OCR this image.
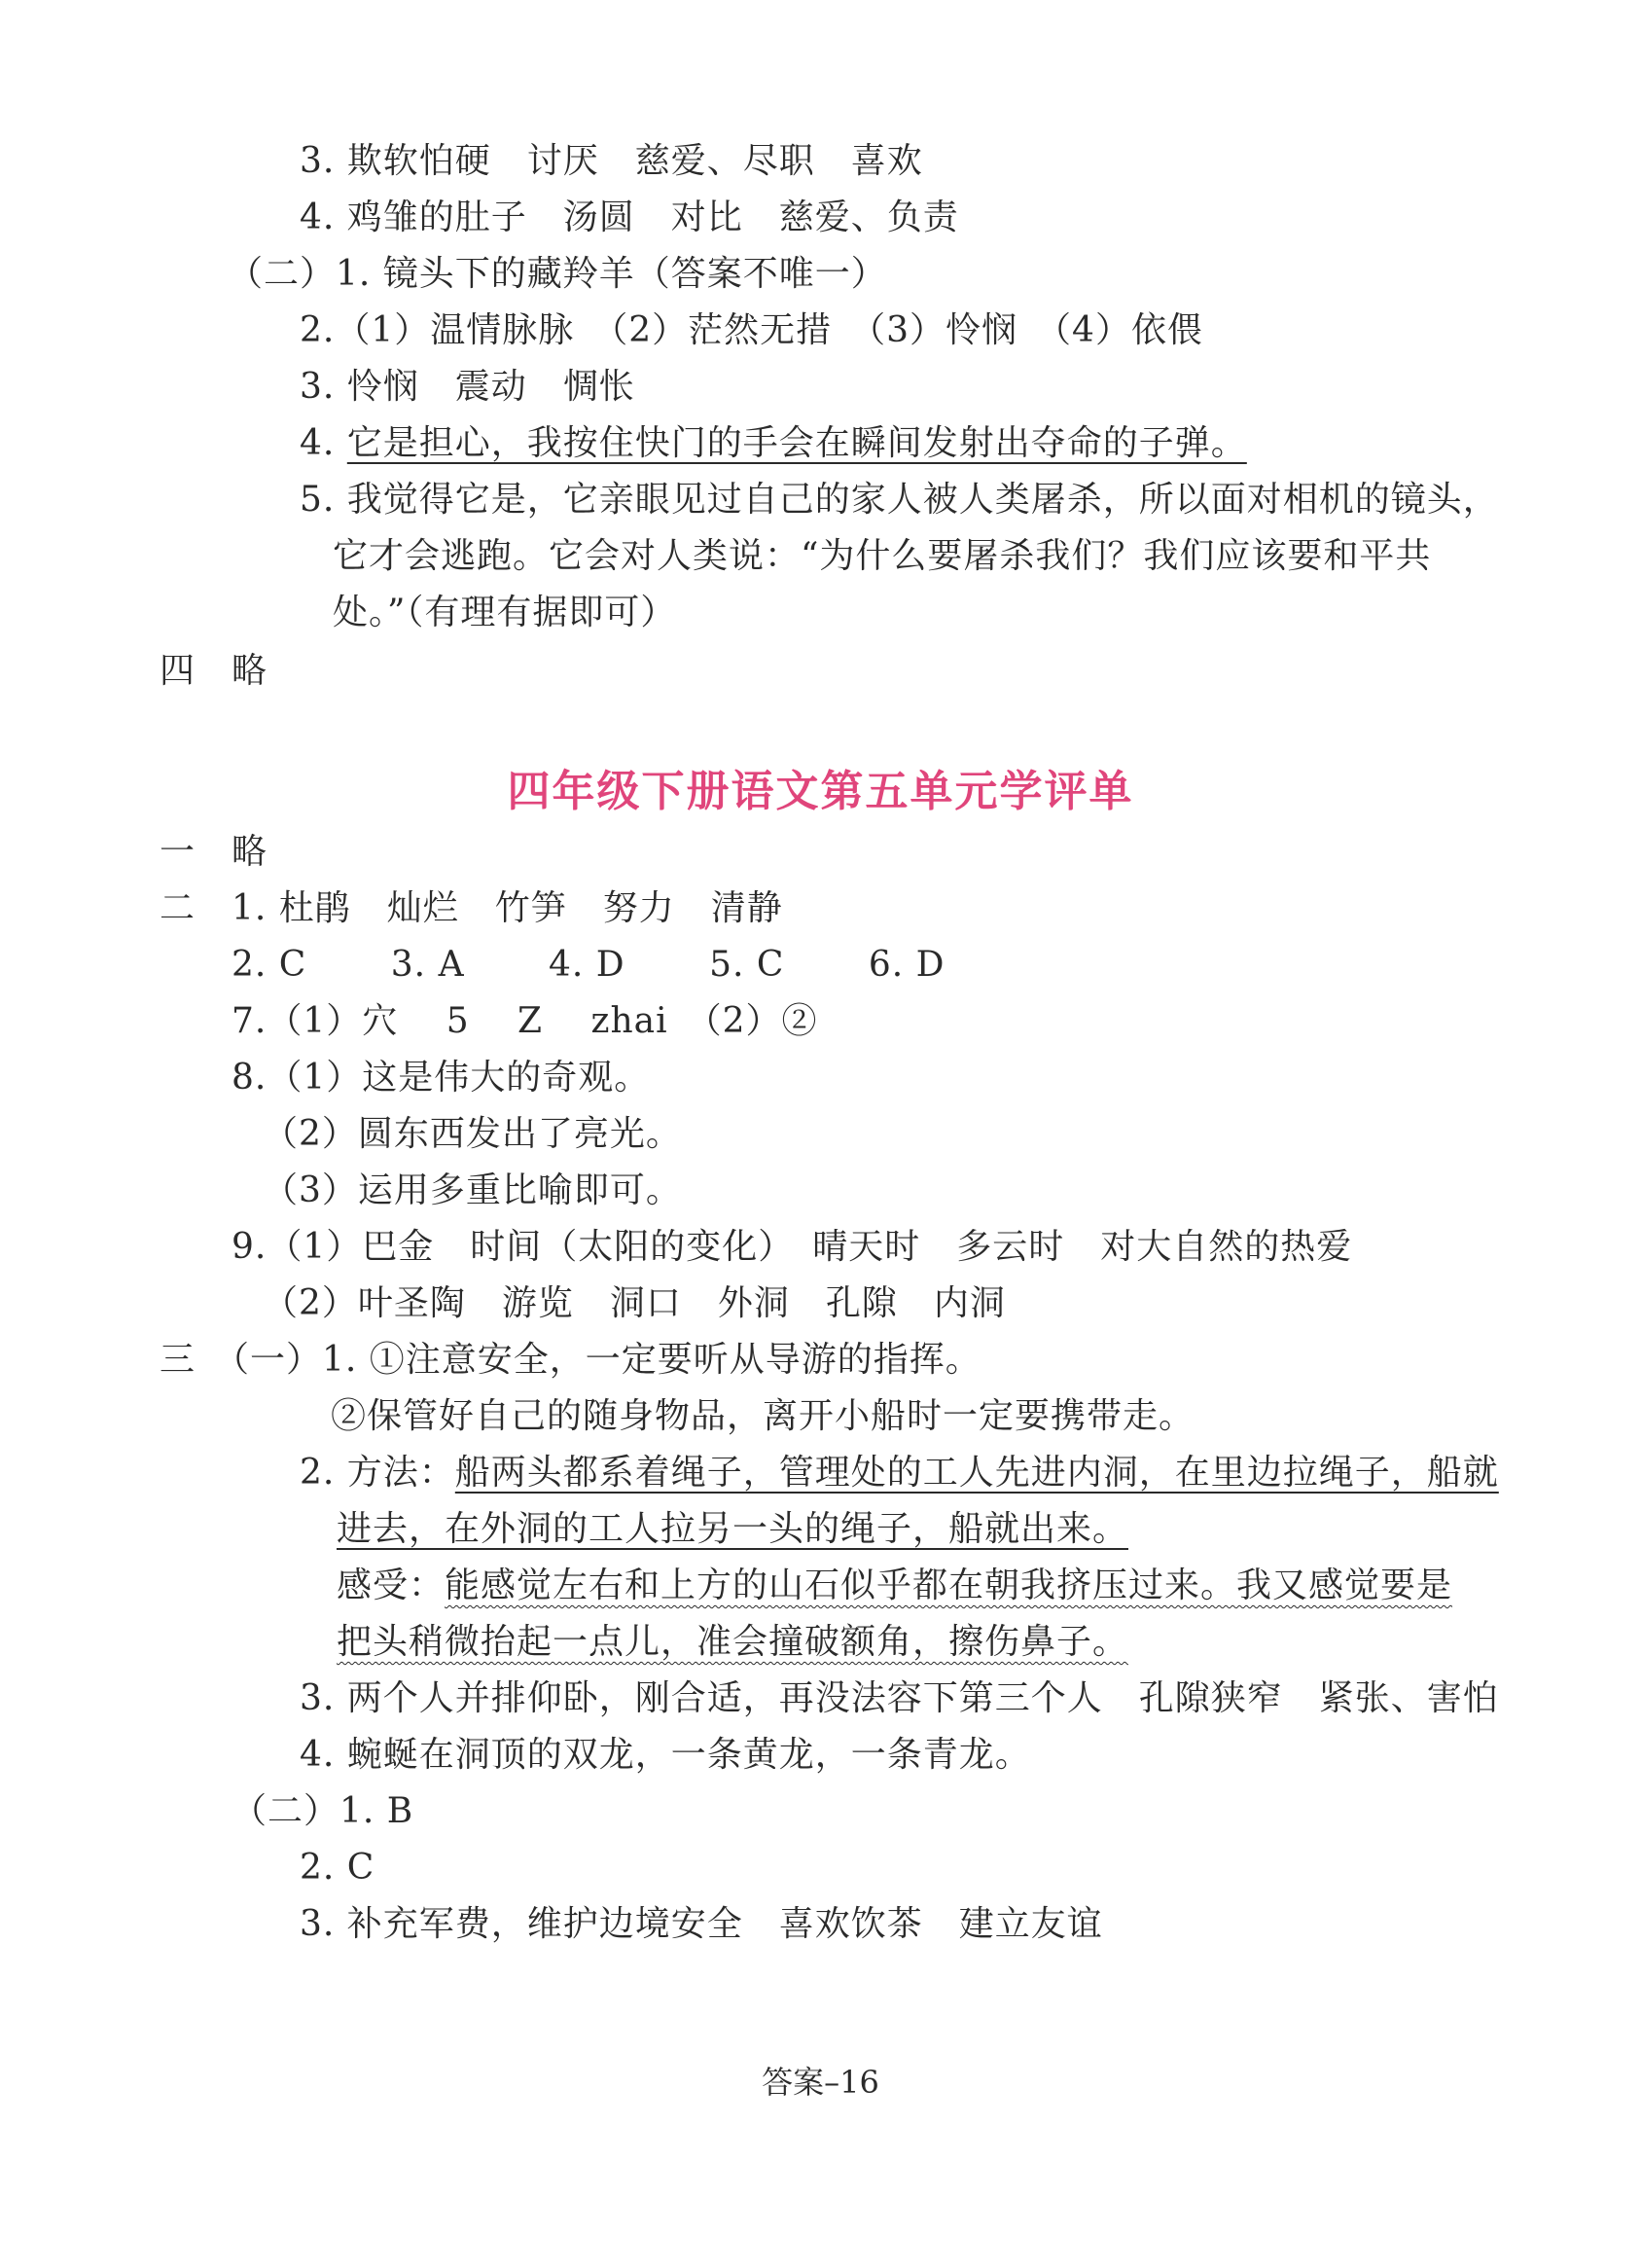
3. 欺软怕硬　讨厌　慈爱、尽职　喜欢
4. 鸡雏的肚子　汤圆　对比　慈爱、负责
（二）1. 镜头下的藏羚羊（答案不唯一）
2.（1）温情脉脉　（2）茫然无措　（3）怜悯　（4）依偎
3. 怜悯　震动　惆怅
4. 它是担心，我按住快门的手会在瞬间发射出夺命的子弹。
5. 我觉得它是，它亲眼见过自己的家人被人类屠杀，所以面对相机的镜头，
它才会逃跑。它会对人类说：“为什么要屠杀我们？我们应该要和平共
处。”（有理有据即可）
四　略
四年级下册语文第五单元学评单
一　略
二　1. 杜鹃　灿烂　竹笋　努力　清静
2. C　　 3. A　　 4. D　　 5. C　　 6. D
7.（1）穴　 5　 Z　 zhai　（2）②
8.（1）这是伟大的奇观。
（2）圆东西发出了亮光。
（3）运用多重比喻即可。
9.（1）巴金　时间（太阳的变化）　晴天时　多云时　对大自然的热爱
（2）叶圣陶　游览　洞口　外洞　孔隙　内洞
三　（一）1. ①注意安全，一定要听从导游的指挥。
②保管好自己的随身物品，离开小船时一定要携带走。
2. 方法：船两头都系着绳子，管理处的工人先进内洞，在里边拉绳子，船就
进去，在外洞的工人拉另一头的绳子，船就出来。
感受：能感觉左右和上方的山石似乎都在朝我挤压过来。我又感觉要是
把头稍微抬起一点儿，准会撞破额角，擦伤鼻子。
3. 两个人并排仰卧，刚合适，再没法容下第三个人　孔隙狭窄　紧张、害怕
4. 蜿蜒在洞顶的双龙，一条黄龙，一条青龙。
（二）1. B
2. C
3. 补充军费，维护边境安全　喜欢饮茶　建立友谊
答案–16
